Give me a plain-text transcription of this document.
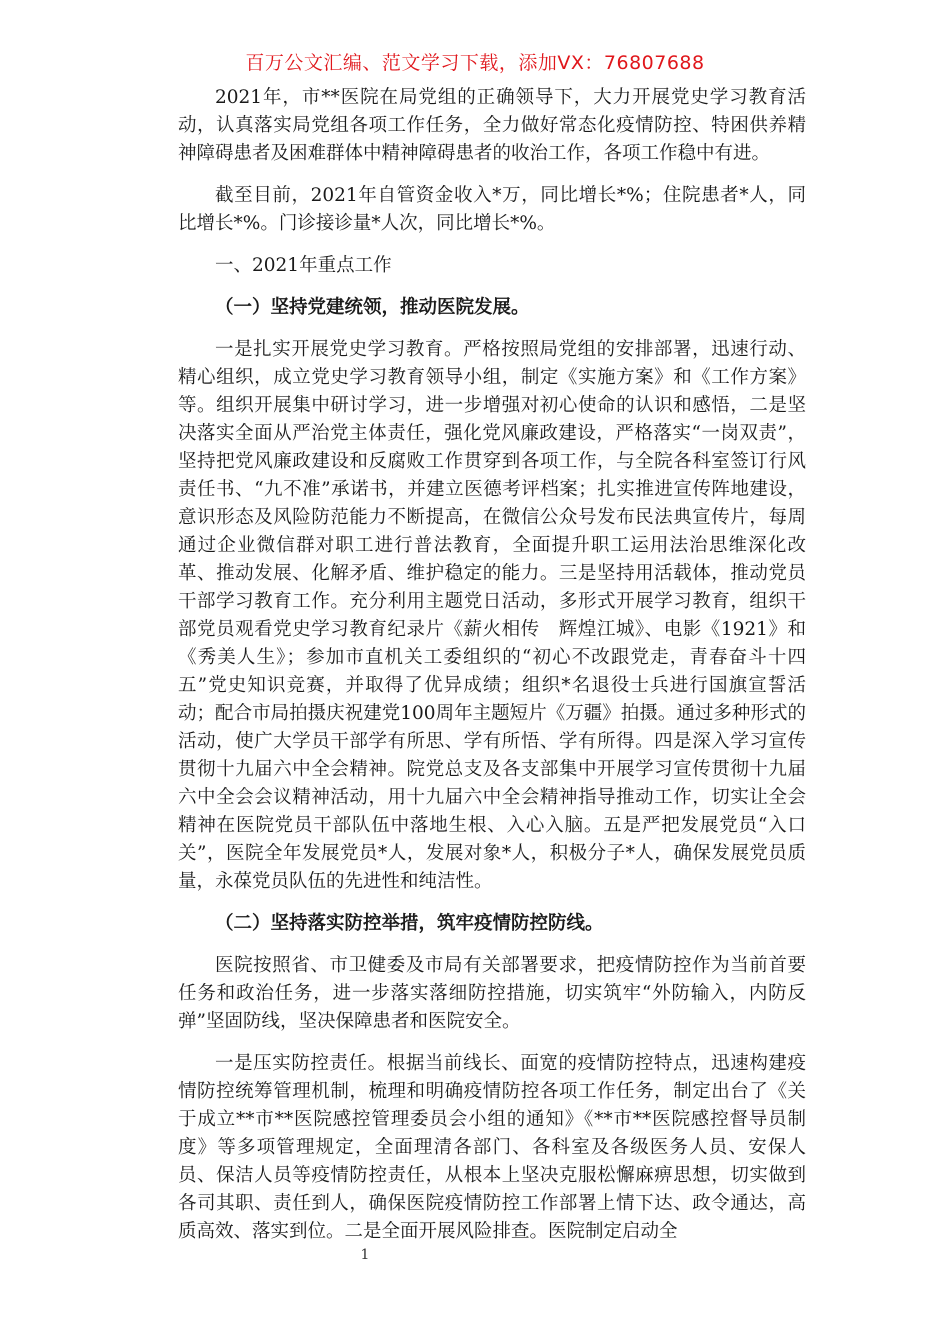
百万公文汇编、范文学习下载，添加VX：76807688

2021年，市**医院在局党组的正确领导下，大力开展党史学习教育活动，认真落实局党组各项工作任务，全力做好常态化疫情防控、特困供养精神障碍患者及困难群体中精神障碍患者的收治工作，各项工作稳中有进。

截至目前，2021年自管资金收入*万，同比增长*%；住院患者*人，同比增长*%。门诊接诊量*人次，同比增长*%。

一、2021年重点工作

（一）坚持党建统领，推动医院发展。

一是扎实开展党史学习教育。严格按照局党组的安排部署，迅速行动、精心组织，成立党史学习教育领导小组，制定《实施方案》和《工作方案》等。组织开展集中研讨学习，进一步增强对初心使命的认识和感悟，二是坚决落实全面从严治党主体责任，强化党风廉政建设，严格落实“一岗双责”，坚持把党风廉政建设和反腐败工作贯穿到各项工作，与全院各科室签订行风责任书、“九不准”承诺书，并建立医德考评档案；扎实推进宣传阵地建设，意识形态及风险防范能力不断提高，在微信公众号发布民法典宣传片，每周通过企业微信群对职工进行普法教育，全面提升职工运用法治思维深化改革、推动发展、化解矛盾、维护稳定的能力。三是坚持用活载体，推动党员干部学习教育工作。充分利用主题党日活动，多形式开展学习教育，组织干部党员观看党史学习教育纪录片《薪火相传　辉煌江城》、电影《1921》和《秀美人生》；参加市直机关工委组织的“初心不改跟党走，青春奋斗十四五”党史知识竞赛，并取得了优异成绩；组织*名退役士兵进行国旗宣誓活动；配合市局拍摄庆祝建党100周年主题短片《万疆》拍摄。通过多种形式的活动，使广大学员干部学有所思、学有所悟、学有所得。四是深入学习宣传贯彻十九届六中全会精神。院党总支及各支部集中开展学习宣传贯彻十九届六中全会会议精神活动，用十九届六中全会精神指导推动工作，切实让全会精神在医院党员干部队伍中落地生根、入心入脑。五是严把发展党员“入口关”，医院全年发展党员*人，发展对象*人，积极分子*人，确保发展党员质量，永葆党员队伍的先进性和纯洁性。

（二）坚持落实防控举措，筑牢疫情防控防线。

医院按照省、市卫健委及市局有关部署要求，把疫情防控作为当前首要任务和政治任务，进一步落实落细防控措施，切实筑牢“外防输入，内防反弹”坚固防线，坚决保障患者和医院安全。

一是压实防控责任。根据当前线长、面宽的疫情防控特点，迅速构建疫情防控统筹管理机制，梳理和明确疫情防控各项工作任务，制定出台了《关于成立**市**医院感控管理委员会小组的通知》《**市**医院感控督导员制度》等多项管理规定，全面理清各部门、各科室及各级医务人员、安保人员、保洁人员等疫情防控责任，从根本上坚决克服松懈麻痹思想，切实做到各司其职、责任到人，确保医院疫情防控工作部署上情下达、政令通达，高质高效、落实到位。二是全面开展风险排查。医院制定启动全

1
